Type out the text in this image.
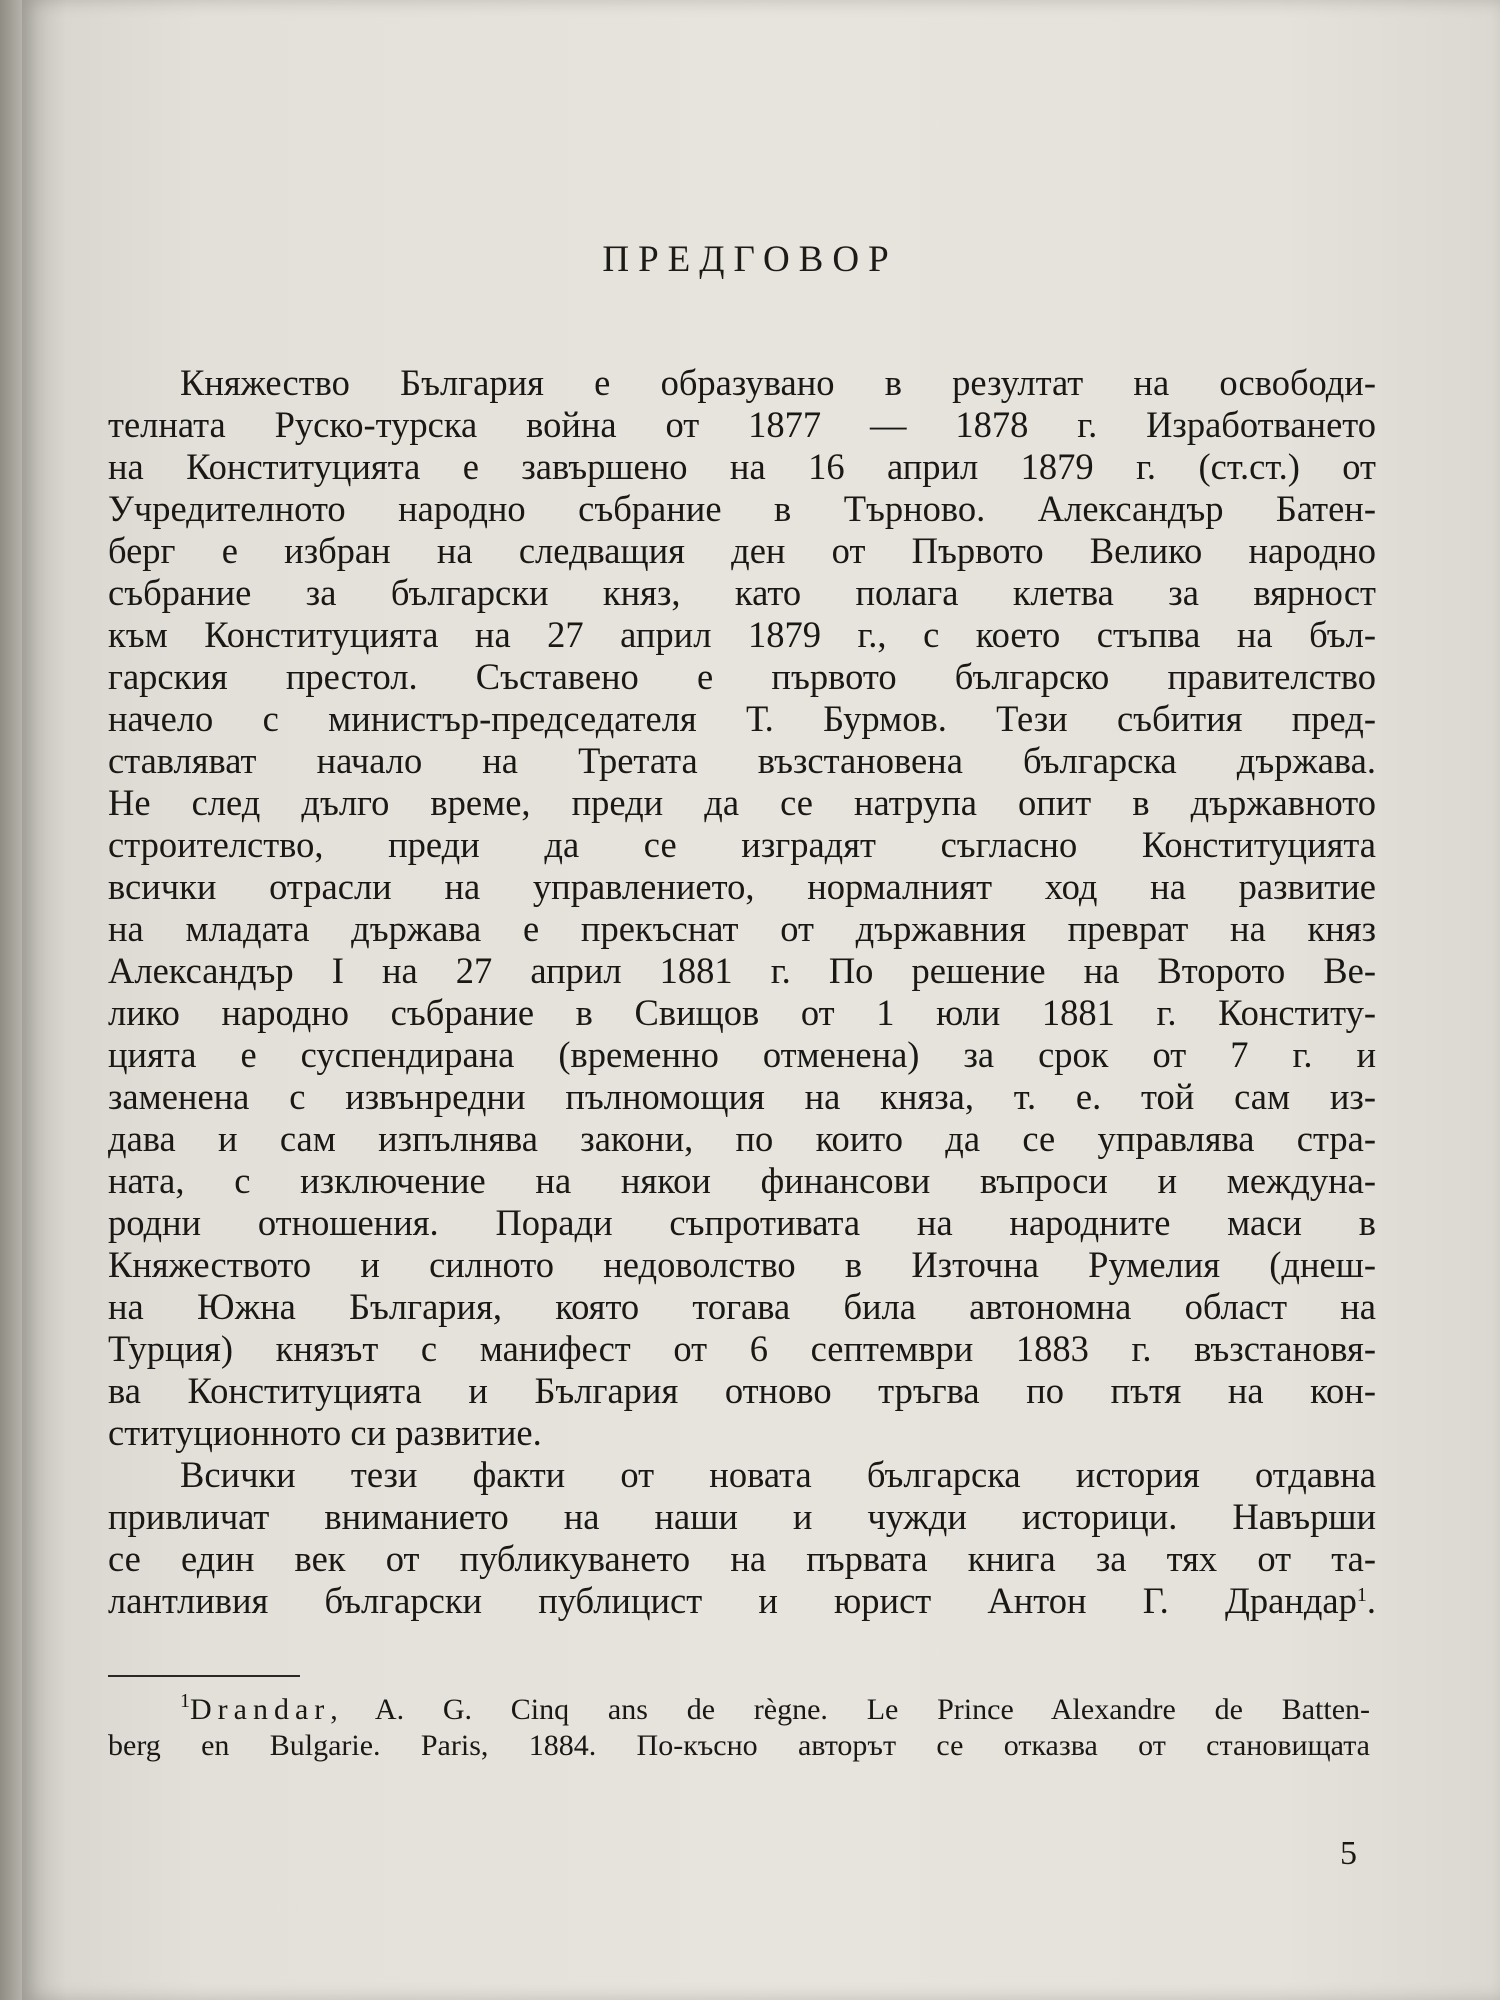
ПРЕДГОВОР
Княжество България е образувано в резултат на освободи-
телната Руско-турска война от 1877 — 1878 г. Изработването
на Конституцията е завършено на 16 април 1879 г. (ст.ст.) от
Учредителното народно събрание в Търново. Александър Батен-
берг е избран на следващия ден от Първото Велико народно
събрание за български княз, като полага клетва за вярност
към Конституцията на 27 април 1879 г., с което стъпва на бъл-
гарския престол. Съставено е първото българско правителство
начело с министър-председателя Т. Бурмов. Тези събития пред-
ставляват начало на Третата възстановена българска държава.
Не след дълго време, преди да се натрупа опит в държавното
строителство, преди да се изградят съгласно Конституцията
всички отрасли на управлението, нормалният ход на развитие
на младата държава е прекъснат от държавния преврат на княз
Александър I на 27 април 1881 г. По решение на Второто Ве-
лико народно събрание в Свищов от 1 юли 1881 г. Конститу-
цията е суспендирана (временно отменена) за срок от 7 г. и
заменена с извънредни пълномощия на княза, т. е. той сам из-
дава и сам изпълнява закони, по които да се управлява стра-
ната, с изключение на някои финансови въпроси и междуна-
родни отношения. Поради съпротивата на народните маси в
Княжеството и силното недоволство в Източна Румелия (днеш-
на Южна България, която тогава била автономна област на
Турция) князът с манифест от 6 септември 1883 г. възстановя-
ва Конституцията и България отново тръгва по пътя на кон-
ституционното си развитие.
Всички тези факти от новата българска история отдавна
привличат вниманието на наши и чужди историци. Навърши
се един век от публикуването на първата книга за тях от та-
лантливия български публицист и юрист Антон Г. Драндар$^1$.
$^1$Drandar, A. G. Cinq ans de règne. Le Prince Alexandre de Batten-
berg en Bulgarie. Paris, 1884. По-късно авторът се отказва от становищата
5
